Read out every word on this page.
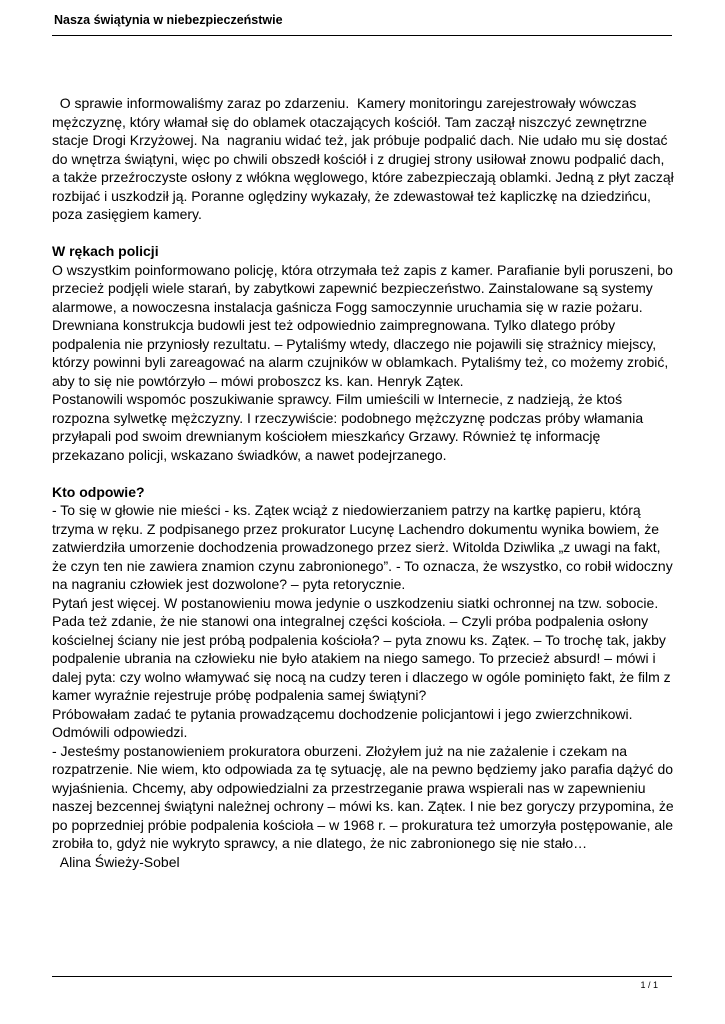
Nasza świątynia w niebezpieczeństwie

O sprawie informowaliśmy zaraz po zdarzeniu.  Kamery monitoringu zarejestrowały wówczas mężczyznę, który włamał się do oblamek otaczających kościół. Tam zaczął niszczyć zewnętrzne stacje Drogi Krzyżowej. Na  nagraniu widać też, jak próbuje podpalić dach. Nie udało mu się dostać do wnętrza świątyni, więc po chwili obszedł kościół i z drugiej strony usiłował znowu podpalić dach, a także przeźroczyste osłony z włókna węglowego, które zabezpieczają oblamki. Jedną z płyt zaczął rozbijać i uszkodził ją. Poranne oględziny wykazały, że zdewastował też kapliczkę na dziedzińcu, poza zasięgiem kamery.

W rękach policji

O wszystkim poinformowano policję, która otrzymała też zapis z kamer. Parafianie byli poruszeni, bo przecież podjęli wiele starań, by zabytkowi zapewnić bezpieczeństwo. Zainstalowane są systemy alarmowe, a nowoczesna instalacja gaśnicza Fogg samoczynnie uruchamia się w razie pożaru. Drewniana konstrukcja budowli jest też odpowiednio zaimpregnowana. Tylko dlatego próby podpalenia nie przyniosły rezultatu. – Pytaliśmy wtedy, dlaczego nie pojawili się strażnicy miejscy, którzy powinni byli zareagować na alarm czujników w oblamkach. Pytaliśmy też, co możemy zrobić, aby to się nie powtórzyło – mówi proboszcz ks. kan. Henryk Ząteк.

Postanowili wspomóc poszukiwanie sprawcy. Film umieścili w Internecie, z nadzieją, że ktoś rozpozna sylwetkę mężczyzny. I rzeczywiście: podobnego mężczyznę podczas próby włamania przyłapali pod swoim drewnianym kościołem mieszkańcy Grzawy. Również tę informację przekazano policji, wskazano świadków, a nawet podejrzanego.

Kto odpowie?

- To się w głowie nie mieści - ks. Ząteк wciąż z niedowierzaniem patrzy na kartkę papieru, którą trzyma w ręku. Z podpisanego przez prokurator Lucynę Lachendro dokumentu wynika bowiem, że zatwierdziła umorzenie dochodzenia prowadzonego przez sierż. Witolda Dziwlika „z uwagi na fakt, że czyn ten nie zawiera znamion czynu zabronionego”. - To oznacza, że wszystko, co robił widoczny na nagraniu człowiek jest dozwolone? – pyta retorycznie.

Pytań jest więcej. W postanowieniu mowa jedynie o uszkodzeniu siatki ochronnej na tzw. sobocie. Pada też zdanie, że nie stanowi ona integralnej części kościoła. – Czyli próba podpalenia osłony kościelnej ściany nie jest próbą podpalenia kościoła? – pyta znowu ks. Ząteк. – To trochę tak, jakby podpalenie ubrania na człowieku nie było atakiem na niego samego. To przecież absurd! – mówi i dalej pyta: czy wolno włamywać się nocą na cudzy teren i dlaczego w ogóle pominięto fakt, że film z kamer wyraźnie rejestruje próbę podpalenia samej świątyni?

Próbowałam zadać te pytania prowadzącemu dochodzenie policjantowi i jego zwierzchnikowi. Odmówili odpowiedzi.

- Jesteśmy postanowieniem prokuratora oburzeni. Złożyłem już na nie zażalenie i czekam na rozpatrzenie. Nie wiem, kto odpowiada za tę sytuację, ale na pewno będziemy jako parafia dążyć do wyjaśnienia. Chcemy, aby odpowiedzialni za przestrzeganie prawa wspierali nas w zapewnieniu naszej bezcennej świątyni należnej ochrony – mówi ks. kan. Ząteк. I nie bez goryczy przypomina, że po poprzedniej próbie podpalenia kościoła – w 1968 r. – prokuratura też umorzyła postępowanie, ale zrobiła to, gdyż nie wykryto sprawcy, a nie dlatego, że nic zabronionego się nie stało…

Alina Świeży-Sobel

1 / 1
